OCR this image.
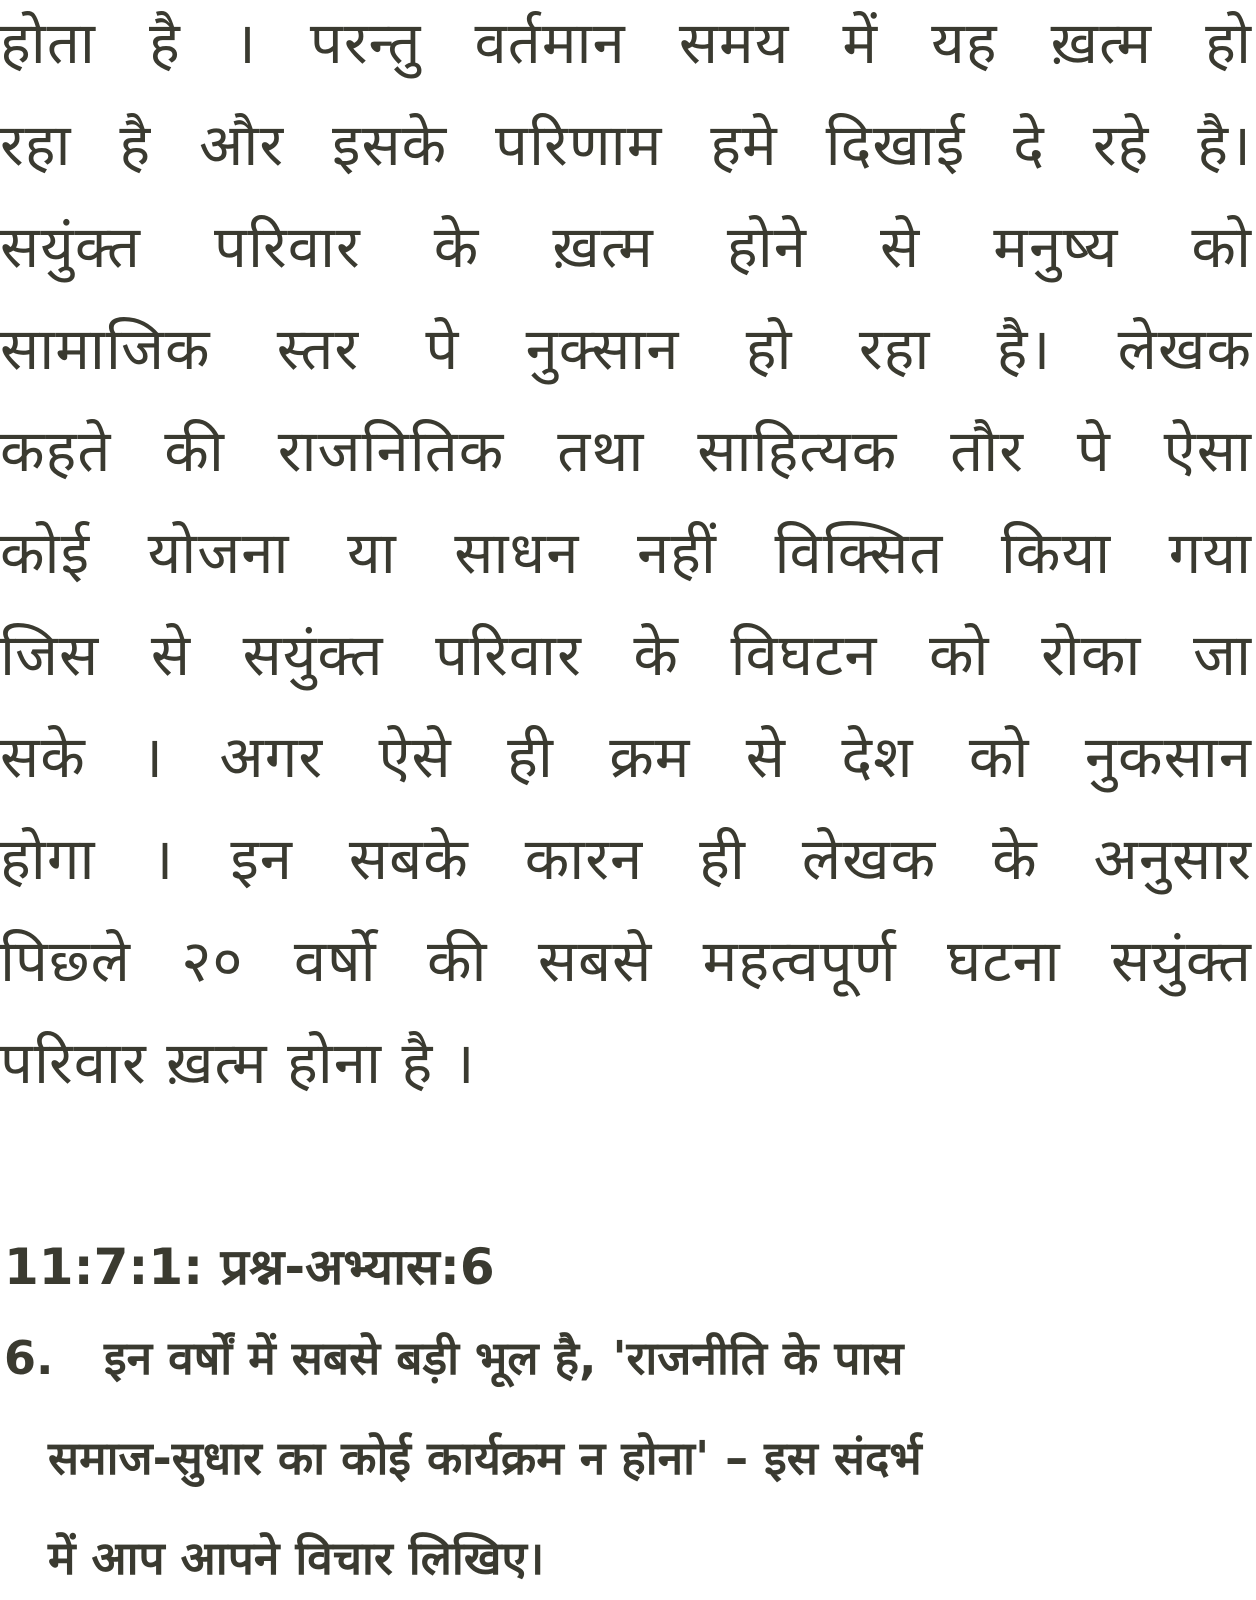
होता है । परन्तु वर्तमान समय में यह ख़त्म हो
रहा है और इसके परिणाम हमे दिखाई दे रहे है।
सयुंक्त परिवार के ख़त्म होने से मनुष्य को
सामाजिक स्तर पे नुक्सान हो रहा है। लेखक
कहते की राजनितिक तथा साहित्यक तौर पे ऐसा
कोई योजना या साधन नहीं विक्सित किया गया
जिस से सयुंक्त परिवार के विघटन को रोका जा
सके । अगर ऐसे ही क्रम से देश को नुकसान
होगा । इन सबके कारन ही लेखक के अनुसार
पिछ्ले २० वर्षो की सबसे महत्वपूर्ण घटना सयुंक्त
परिवार ख़त्म होना है ।
11:7:1: प्रश्न-अभ्यास:6
6. इन वर्षों में सबसे बड़ी भूल है, 'राजनीति के पास
समाज-सुधार का कोई कार्यक्रम न होना' – इस संदर्भ
में आप आपने विचार लिखिए।
